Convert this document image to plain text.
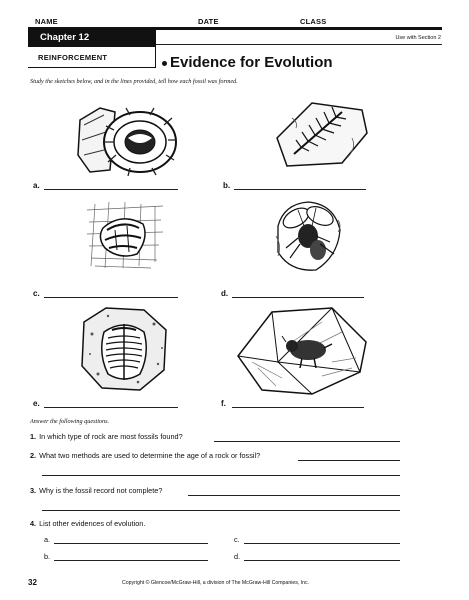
NAME	DATE	CLASS
Chapter 12	Use with Section 2
REINFORCEMENT	Evidence for Evolution
Study the sketches below, and in the lines provided, tell how each fossil was formed.
a.	b.
c.	d.
e.	f.
Answer the following questions.
1. In which type of rock are most fossils found?
2. What two methods are used to determine the age of a rock or fossil?
3. Why is the fossil record not complete?
4. List other evidences of evolution.
a.	c.
b.	d.
32	Copyright © Glencoe/McGraw-Hill, a division of The McGraw-Hill Companies, Inc.
